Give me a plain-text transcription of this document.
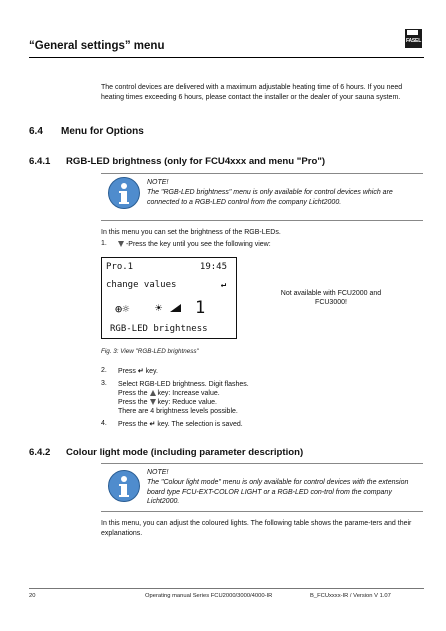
“General settings” menu	FASEL
The control devices are delivered with a maximum adjustable heating time of 6 hours. If you need heating times exceeding 6 hours, please contact the installer or the dealer of your sauna system.
6.4 Menu for Options
6.4.1 RGB-LED brightness (only for FCU4xxx and menu "Pro")
NOTE!
The "RGB-LED brightness" menu is only available for control devices which are connected to a RGB-LED control from the company Licht2000.
In this menu you can set the brightness of the RGB-LEDs.
1.	-Press the key until you see the following view:
Pro.1	19:45
change values	↵
⊕☼ ☀ 1
RGB-LED brightness
Not available with FCU2000 and FCU3000!
Fig. 3: View "RGB-LED brightness"
2. Press ↵ key.
3. Select RGB-LED brightness. Digit flashes.
Press the  key: Increase value.
Press the  key: Reduce value.
There are 4 brightness levels possible.
4. Press the ↵ key. The selection is saved.
6.4.2 Colour light mode (including parameter description)
NOTE!
The "Colour light mode" menu is only available for control devices with the extension board type FCU-EXT-COLOR LIGHT or a RGB-LED con-trol from the company Licht2000.
In this menu, you can adjust the coloured lights. The following table shows the parame-ters and their explanations.
20	Operating manual Series FCU2000/3000/4000-IR	B_FCUxxxx-IR / Version V 1.07
